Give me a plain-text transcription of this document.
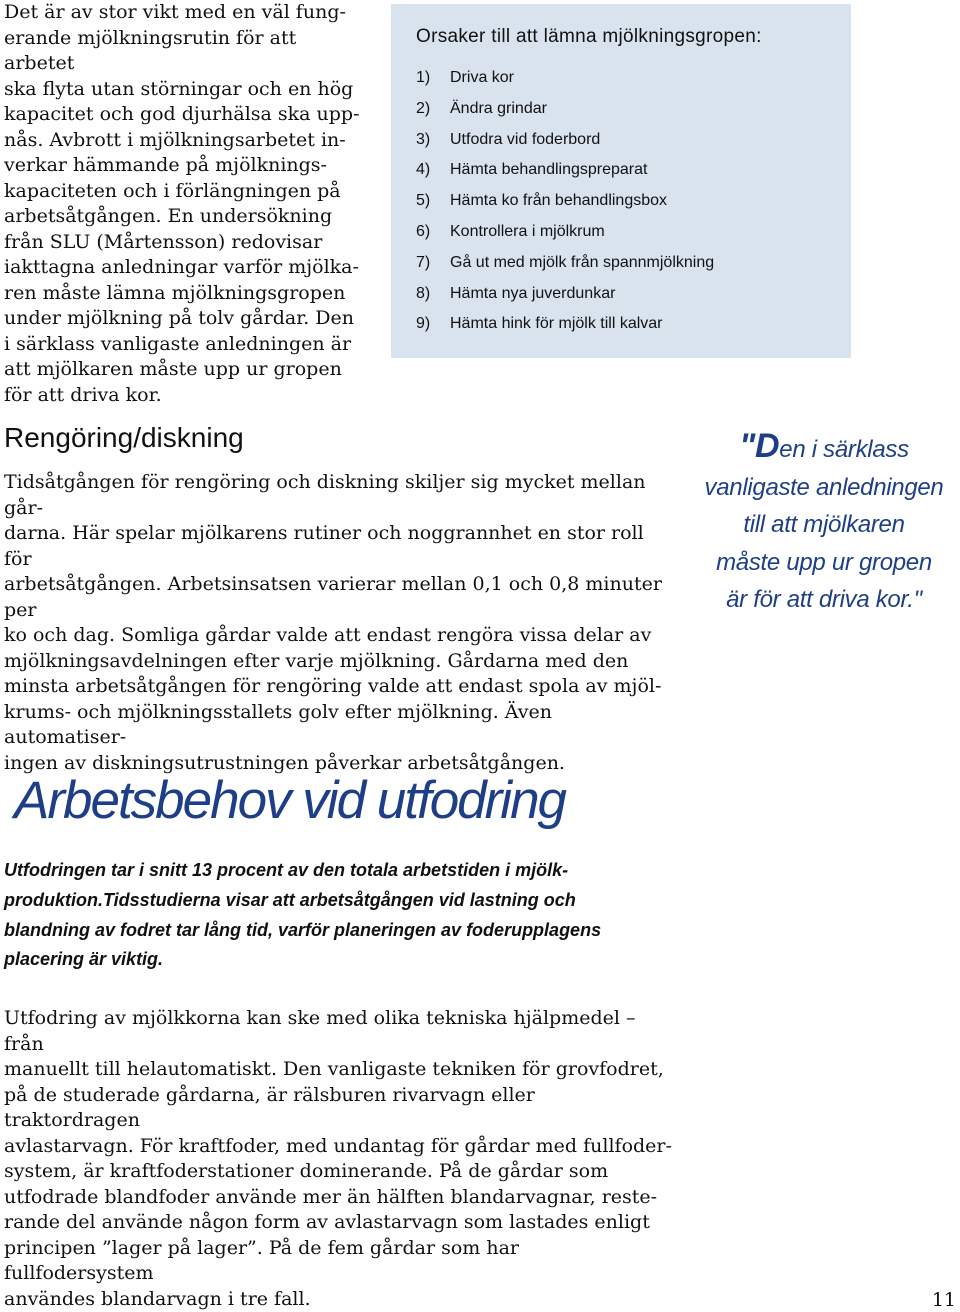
Det är av stor vikt med en väl fung-

erande mjölkningsrutin för att arbetet

ska flyta utan störningar och en hög

kapacitet och god djurhälsa ska upp-

nås. Avbrott i mjölkningsarbetet in-

verkar hämmande på mjölknings-

kapaciteten och i förlängningen på

arbetsåtgången. En undersökning

från SLU (Mårtensson) redovisar

iakttagna anledningar varför mjölka-

ren måste lämna mjölkningsgropen

under mjölkning på tolv gårdar. Den

i särklass vanligaste anledningen är

att mjölkaren måste upp ur gropen

för att driva kor.

Orsaker till att lämna mjölkningsgropen:
1) Driva kor
2) Ändra grindar
3) Utfodra vid foderbord
4) Hämta behandlingspreparat
5) Hämta ko från behandlingsbox
6) Kontrollera i mjölkrum
7) Gå ut med mjölk från spannmjölkning
8) Hämta nya juverdunkar
9) Hämta hink för mjölk till kalvar
Rengöring/diskning
Tidsåtgången för rengöring och diskning skiljer sig mycket mellan går-
darna. Här spelar mjölkarens rutiner och noggrannhet en stor roll för
arbetsåtgången. Arbetsinsatsen varierar mellan 0,1 och 0,8 minuter per
ko och dag. Somliga gårdar valde att endast rengöra vissa delar av
mjölkningsavdelningen efter varje mjölkning. Gårdarna med den
minsta arbetsåtgången för rengöring valde att endast spola av mjöl-
krums- och mjölkningsstallets golv efter mjölkning. Även automatiser-
ingen av diskningsutrustningen påverkar arbetsåtgången.
"Den i särklass
vanligaste anledningen
till att mjölkaren
måste upp ur gropen
är för att driva kor."
Arbetsbehov vid utfodring
Utfodringen tar i snitt 13 procent av den totala arbetstiden i mjölk-
produktion.Tidsstudierna visar att arbetsåtgången vid lastning och
blandning av fodret tar lång tid, varför planeringen av foderupplagens
placering är viktig.
Utfodring av mjölkkorna kan ske med olika tekniska hjälpmedel – från
manuellt till helautomatiskt. Den vanligaste tekniken för grovfodret,
på de studerade gårdarna, är rälsburen rivarvagn eller traktordragen
avlastarvagn. För kraftfoder, med undantag för gårdar med fullfoder-
system, är kraftfoderstationer dominerande. På de gårdar som
utfodrade blandfoder använde mer än hälften blandarvagnar, reste-
rande del använde någon form av avlastarvagn som lastades enligt
principen ”lager på lager”. På de fem gårdar som har fullfodersystem
användes blandarvagn i tre fall.	11
